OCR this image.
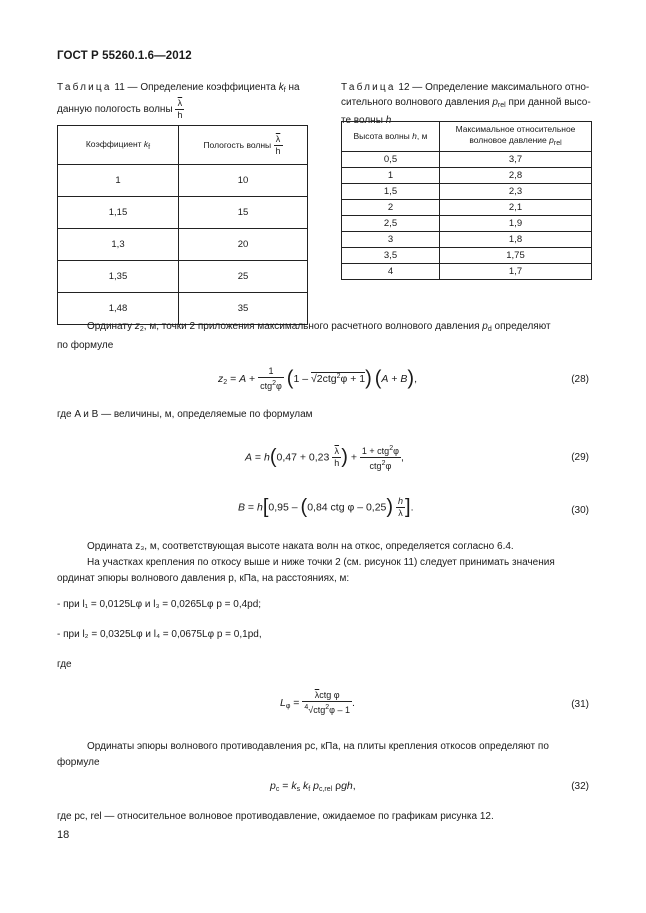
ГОСТ Р 55260.1.6—2012
Таблица 11 — Определение коэффициента $k_f$ на
данную пологость волны $\frac{\overline{\lambda}}{h}$
Коэффициент $k_f$	Пологость волны $\frac{\overline{\lambda}}{h}$

1	10
1,15	15
1,3	20
1,35	25
1,48	35
Таблица 12 — Определение максимального отно-
сительного волнового давления $p_{rel}$ при данной высо-
те волны h
Высота волны h, м	Максимальное относительное
волновое давление $p_{rel}$
0,5	3,7
1	2,8
1,5	2,3
2	2,1
2,5	1,9
3	1,8
3,5	1,75
4	1,7
Ординату $z_2$, м, точки 2 приложения максимального расчетного волнового давления $p_d$ определяют
по формуле
$z_2 = A + \frac{1}{ctg^2\varphi} (1 - √2ctg^2\varphi + 1) (A + B)$,	(28)
где A и B — величины, м, определяемые по формулам
$A = h(0,47 + 0,23 \frac{\overline{\lambda}}{h}$ ) + $\frac{1 + ctg^2\varphi}{ctg^2\varphi}$ ,	(29)
B = h[0,95 – (0,84 ctg φ – $0,25) \frac{h}{\lambda}$ ].	(30)
Ордината z₃, м, соответствующая высоте наката волн на откос, определяется согласно 6.4.
На участках крепления по откосу выше и ниже точки 2 (см. рисунок 11) следует принимать значения
ординат эпюры волнового давления p, кПа, на расстояниях, м:
- при l₁ = 0,0125Lφ и l₃ = 0,0265Lφ p = 0,4pd;
- при l₂ = 0,0325Lφ и l₄ = 0,0675Lφ p = 0,1pd,
где
$L_\varphi = \frac{\overline{\lambda}ctg \varphi}{^4√ctg^2\varphi - 1}$ .	(31)
Ординаты эпюры волнового противодавления pc, кПа, на плиты крепления откосов определяют по
формуле
$p_c = k_s$ $k_f$ $p_{c,rel}$ ρgh,	(32)
где pc, rel — относительное волновое противодавление, ожидаемое по графикам рисунка 12.
18
